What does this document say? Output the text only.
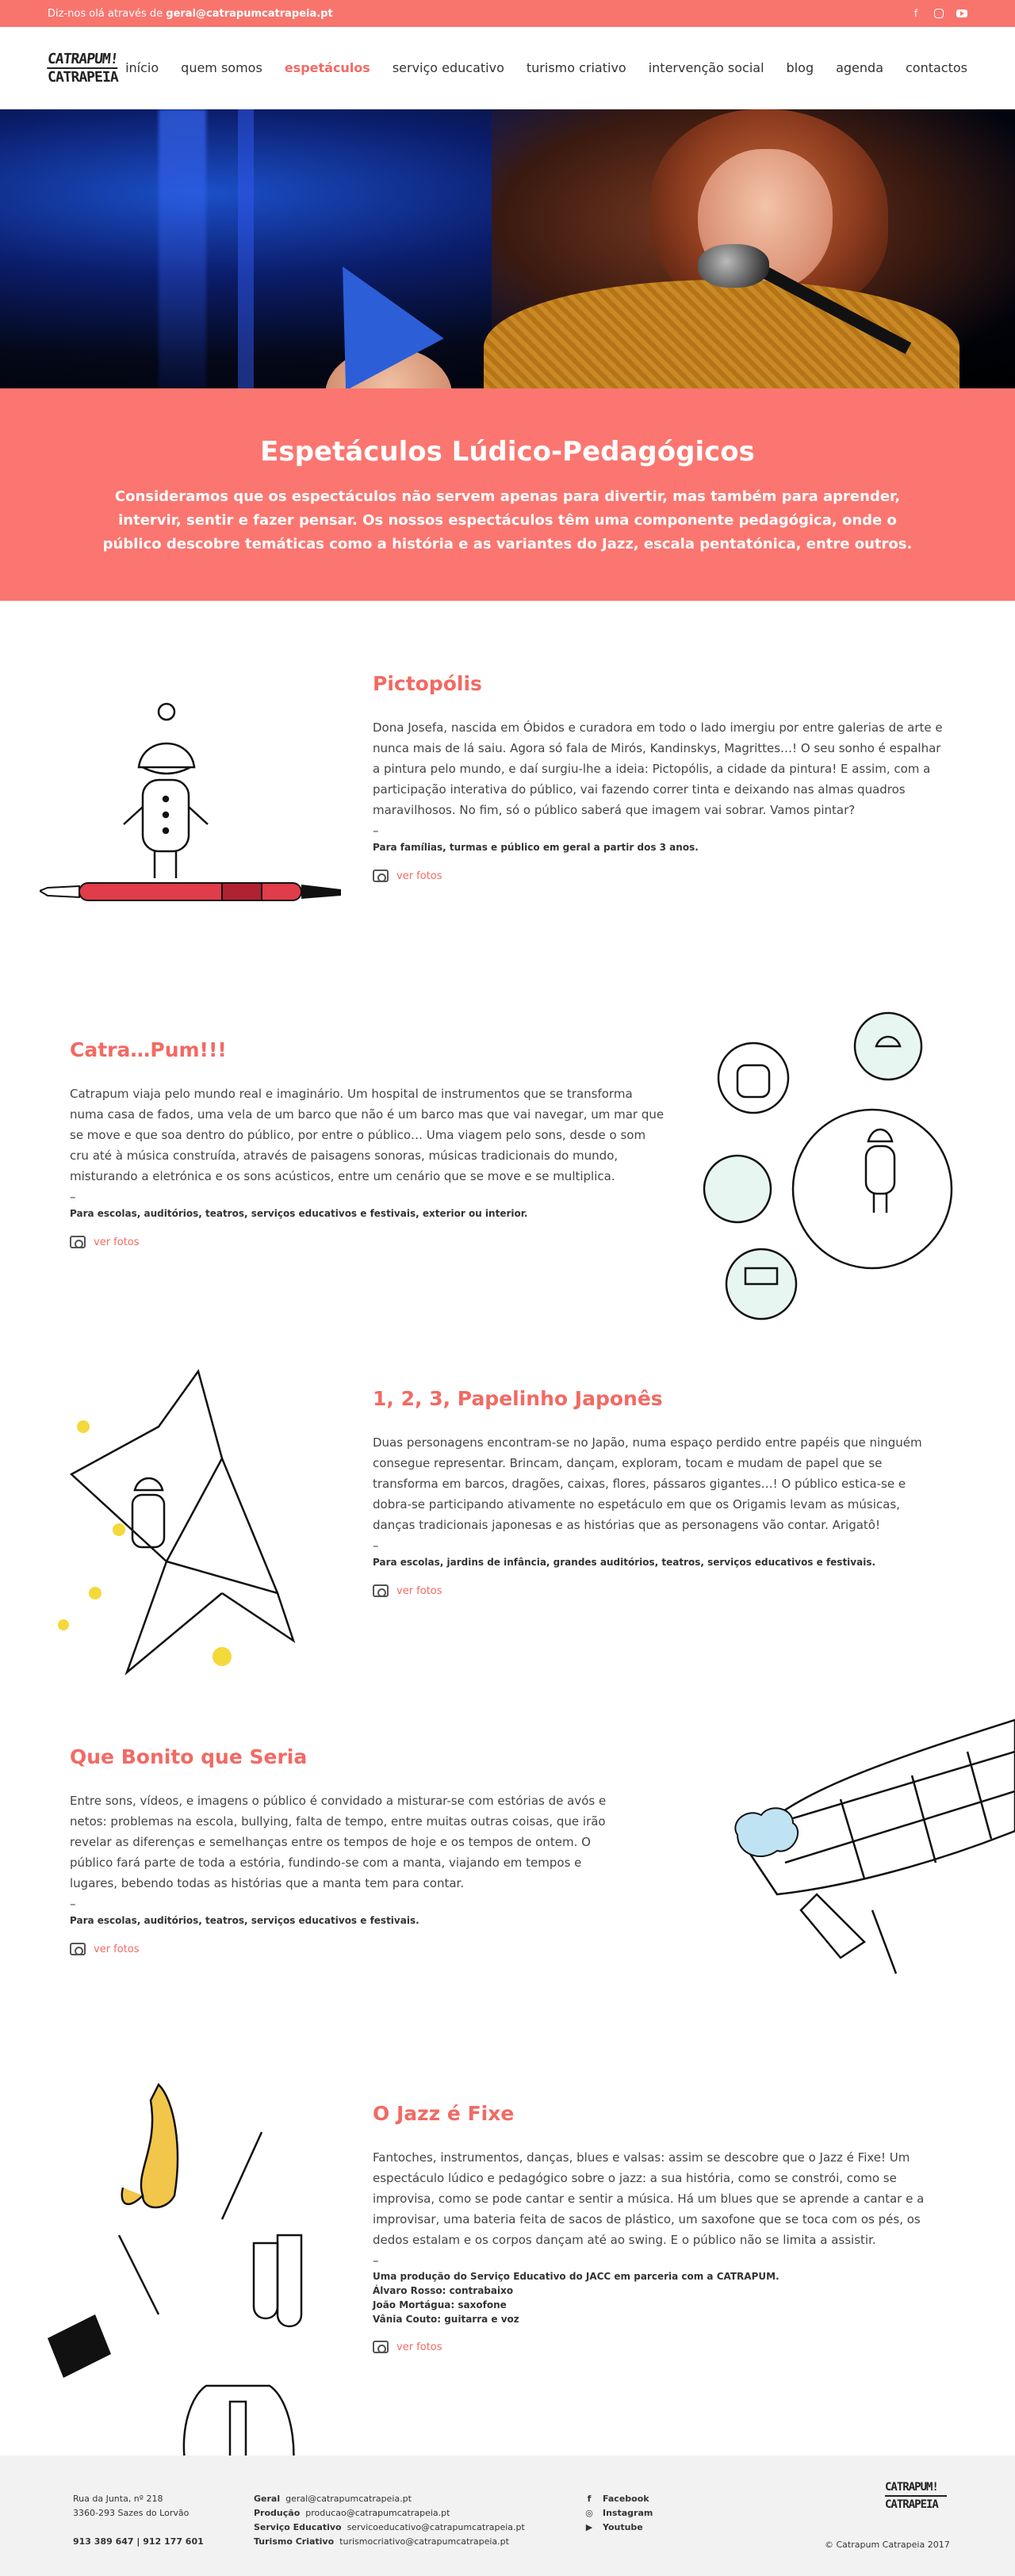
Diz-nos olá através de geral@catrapumcatrapeia.pt	f
CATRAPUM!
CATRAPEIA
início quem somos espetáculos serviço educativo turismo criativo intervenção social blog agenda contactos
Espetáculos Lúdico-Pedagógicos

Consideramos que os espectáculos não servem apenas para divertir, mas também para aprender, intervir, sentir e fazer pensar. Os nossos espectáculos têm uma componente pedagógica, onde o público descobre temáticas como a história e as variantes do Jazz, escala pentatónica, entre outros.

Pictopólis

Dona Josefa, nascida em Óbidos e curadora em todo o lado imergiu por entre galerias de arte e nunca mais de lá saiu. Agora só fala de Mirós, Kandinskys, Magrittes…! O seu sonho é espalhar a pintura pelo mundo, e daí surgiu-lhe a ideia: Pictopólis, a cidade da pintura! E assim, com a participação interativa do público, vai fazendo correr tinta e deixando nas almas quadros maravilhosos. No fim, só o público saberá que imagem vai sobrar. Vamos pintar?

–
Para famílias, turmas e público em geral a partir dos 3 anos.
ver fotos
Catra…Pum!!!

Catrapum viaja pelo mundo real e imaginário. Um hospital de instrumentos que se transforma numa casa de fados, uma vela de um barco que não é um barco mas que vai navegar, um mar que se move e que soa dentro do público, por entre o público… Uma viagem pelo sons, desde o som cru até à música construída, através de paisagens sonoras, músicas tradicionais do mundo, misturando a eletrónica e os sons acústicos, entre um cenário que se move e se multiplica.

–
Para escolas, auditórios, teatros, serviços educativos e festivais, exterior ou interior.
ver fotos
1, 2, 3, Papelinho Japonês

Duas personagens encontram-se no Japão, numa espaço perdido entre papéis que ninguém consegue representar. Brincam, dançam, exploram, tocam e mudam de papel que se transforma em barcos, dragões, caixas, flores, pássaros gigantes…! O público estica-se e dobra-se participando ativamente no espetáculo em que os Origamis levam as músicas, danças tradicionais japonesas e as histórias que as personagens vão contar. Arigatô!

–
Para escolas, jardins de infância, grandes auditórios, teatros, serviços educativos e festivais.
ver fotos
Que Bonito que Seria

Entre sons, vídeos, e imagens o público é convidado a misturar-se com estórias de avós e netos: problemas na escola, bullying, falta de tempo, entre muitas outras coisas, que irão revelar as diferenças e semelhanças entre os tempos de hoje e os tempos de ontem. O público fará parte de toda a estória, fundindo-se com a manta, viajando em tempos e lugares, bebendo todas as histórias que a manta tem para contar.

–
Para escolas, auditórios, teatros, serviços educativos e festivais.
ver fotos
O Jazz é Fixe

Fantoches, instrumentos, danças, blues e valsas: assim se descobre que o Jazz é Fixe! Um espectáculo lúdico e pedagógico sobre o jazz: a sua história, como se constrói, como se improvisa, como se pode cantar e sentir a música. Há um blues que se aprende a cantar e a improvisar, uma bateria feita de sacos de plástico, um saxofone que se toca com os pés, os dedos estalam e os corpos dançam até ao swing. E o público não se limita a assistir.

–
Uma produção do Serviço Educativo do JACC em parceria com a CATRAPUM.
Álvaro Rosso: contrabaixo
João Mortágua: saxofone
Vânia Couto: guitarra e voz
ver fotos
Rua da Junta, nº 218
3360-293 Sazes do Lorvão
913 389 647 | 912 177 601
Geral geral@catrapumcatrapeia.pt
Produção producao@catrapumcatrapeia.pt
Serviço Educativo servicoeducativo@catrapumcatrapeia.pt
Turismo Criativo turismocriativo@catrapumcatrapeia.pt
f	Facebook
◎ Instagram
▶ Youtube
CATRAPUM!
CATRAPEIA
© Catrapum Catrapeia 2017
